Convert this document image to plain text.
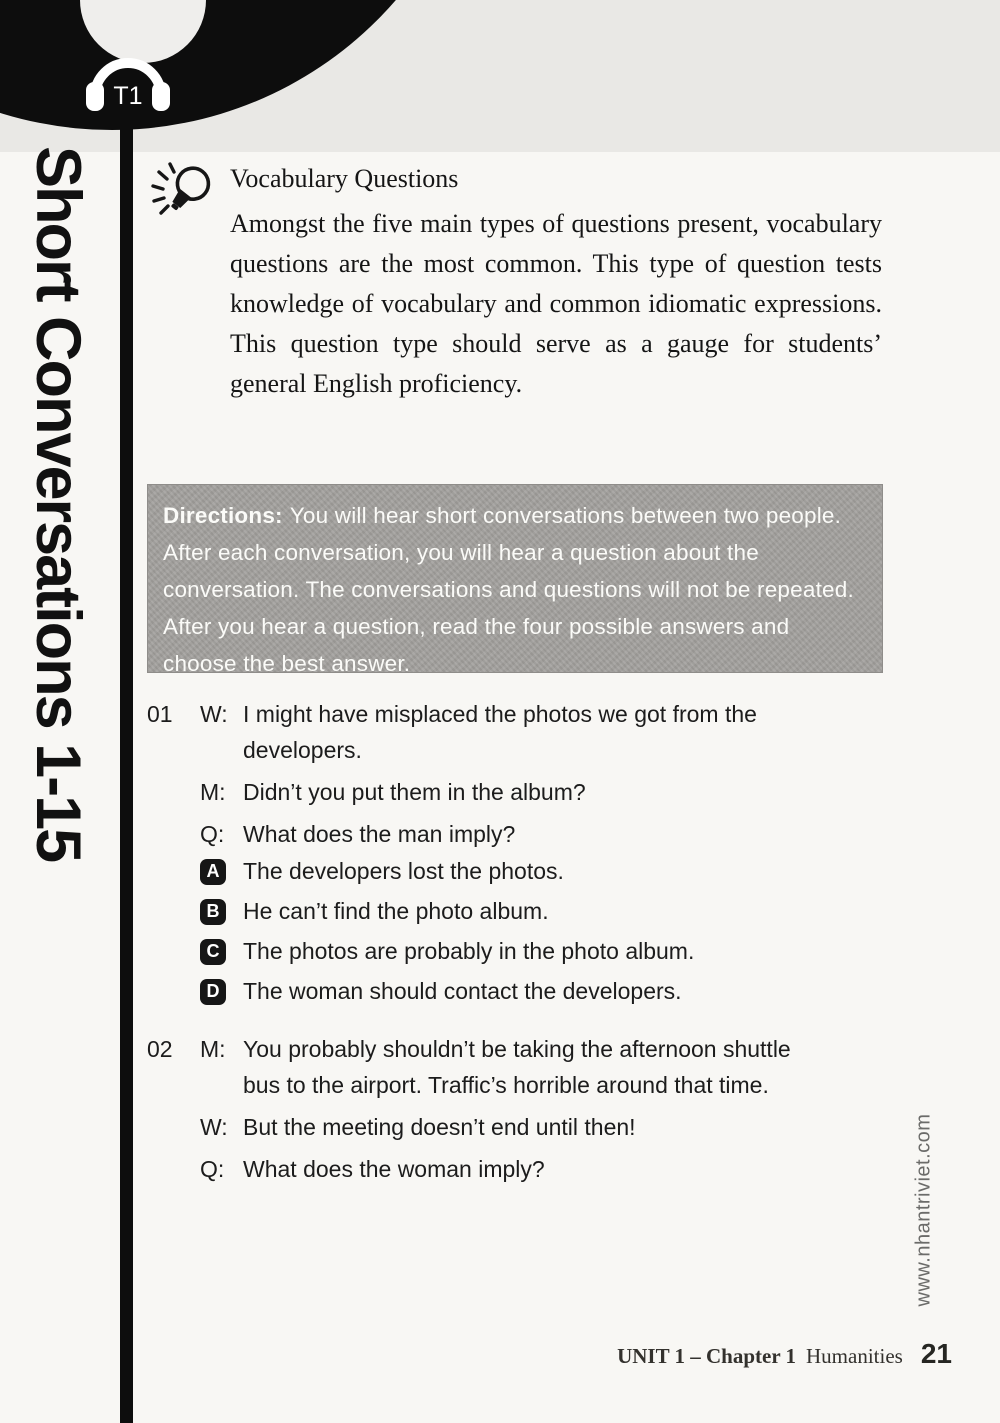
T1
Short Conversations 1-15	Vocabulary Questions
Amongst the five main types of questions present, vocabulary questions are the most common. This type of question tests knowledge of vocabulary and common idiomatic expressions. This question type should serve as a gauge for students’ general English proficiency.
Directions: You will hear short conversations between two people. After each conversation, you will hear a question about the conversation. The conversations and questions will not be repeated. After you hear a question, read the four possible answers and choose the best answer.
01	W: I might have misplaced the photos we got from the
developers.
M: Didn’t you put them in the album?
Q: What does the man imply?
A The developers lost the photos.
B He can’t find the photo album.
C The photos are probably in the photo album.
D The woman should contact the developers.
02	M: You probably shouldn’t be taking the afternoon shuttle
bus to the airport. Traffic’s horrible around that time.
W: But the meeting doesn’t end until then!
Q: What does the woman imply?	www.nhantriviet.com
UNIT 1 – Chapter 1 Humanities 21
